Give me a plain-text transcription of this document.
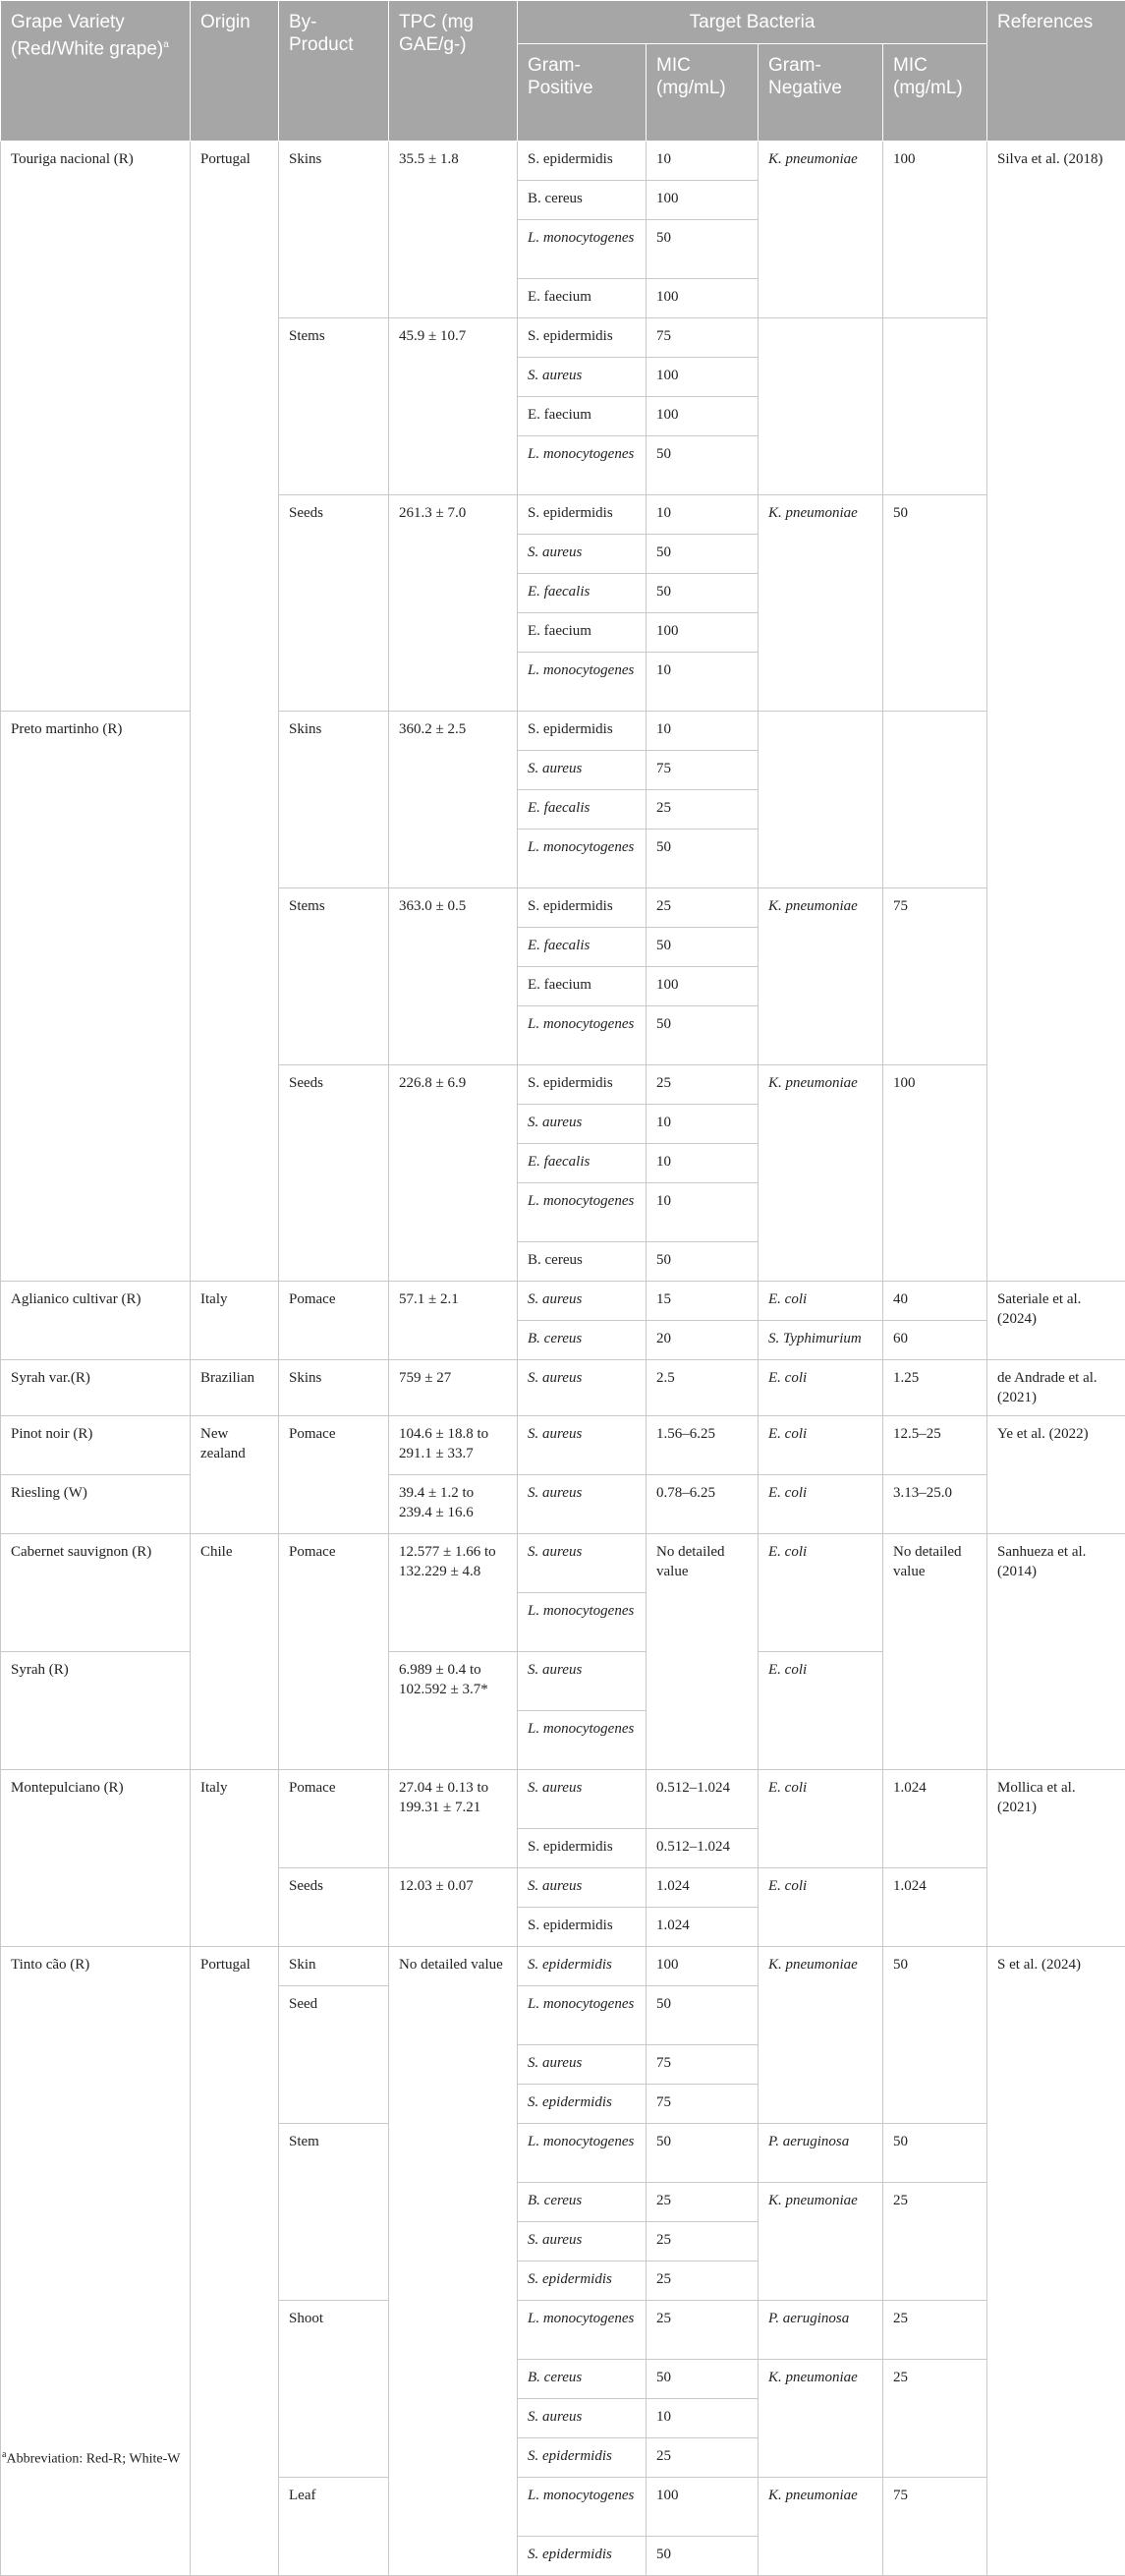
Grape Variety (Red/White grape)$^a$	Origin	By-Product	TPC (mg GAE/g-)	Target Bacteria				References
				Gram-Positive	MIC (mg/mL)	Gram-Negative	MIC (mg/mL)	
Touriga nacional (R)	Portugal	Skins	35.5 ± 1.8	S. epidermidis	10	K. pneumoniae	100	Silva et al. (2018)
				B. cereus	100			
				L. monocytogenes	50			
				E. faecium	100			
		Stems	45.9 ± 10.7	S. epidermidis	75			
				S. aureus	100			
				E. faecium	100			
				L. monocytogenes	50			
		Seeds	261.3 ± 7.0	S. epidermidis	10	K. pneumoniae	50	
				S. aureus	50			
				E. faecalis	50			
				E. faecium	100			
				L. monocytogenes	10			
Preto martinho (R)		Skins	360.2 ± 2.5	S. epidermidis	10			
				S. aureus	75			
				E. faecalis	25			
				L. monocytogenes	50			
		Stems	363.0 ± 0.5	S. epidermidis	25	K. pneumoniae	75	
				E. faecalis	50			
				E. faecium	100			
				L. monocytogenes	50			
		Seeds	226.8 ± 6.9	S. epidermidis	25	K. pneumoniae	100	
				S. aureus	10			
				E. faecalis	10			
				L. monocytogenes	10			
				B. cereus	50			
Aglianico cultivar (R)	Italy	Pomace	57.1 ± 2.1	S. aureus	15	E. coli	40	Sateriale et al. (2024)
				B. cereus	20	S. Typhimurium	60	
Syrah var.(R)	Brazilian	Skins	759 ± 27	S. aureus	2.5	E. coli	1.25	de Andrade et al. (2021)
Pinot noir (R)	New zealand	Pomace	104.6 ± 18.8 to 291.1 ± 33.7	S. aureus	1.56–6.25	E. coli	12.5–25	Ye et al. (2022)
Riesling (W)			39.4 ± 1.2 to 239.4 ± 16.6	S. aureus	0.78–6.25	E. coli	3.13–25.0	
Cabernet sauvignon (R)	Chile	Pomace	12.577 ± 1.66 to 132.229 ± 4.8	S. aureus	No detailed value	E. coli	No detailed value	Sanhueza et al. (2014)
				L. monocytogenes				
Syrah (R)			6.989 ± 0.4 to 102.592 ± 3.7*	S. aureus		E. coli		
				L. monocytogenes				
Montepulciano (R)	Italy	Pomace	27.04 ± 0.13 to 199.31 ± 7.21	S. aureus	0.512–1.024	E. coli	1.024	Mollica et al. (2021)
				S. epidermidis	0.512–1.024			
		Seeds	12.03 ± 0.07	S. aureus	1.024	E. coli	1.024	
				S. epidermidis	1.024			
Tinto cão (R)	Portugal	Skin	No detailed value	S. epidermidis	100	K. pneumoniae	50	S et al. (2024)
		Seed		L. monocytogenes	50			
				S. aureus	75			
				S. epidermidis	75			
		Stem		L. monocytogenes	50	P. aeruginosa	50	
				B. cereus	25	K. pneumoniae	25	
				S. aureus	25			
				S. epidermidis	25			
		Shoot		L. monocytogenes	25	P. aeruginosa	25	
				B. cereus	50	K. pneumoniae	25	
				S. aureus	10			
				S. epidermidis	25			
		Leaf		L. monocytogenes	100	K. pneumoniae	75	
				S. epidermidis	50			
$^a$Abbreviation: Red-R; White-W
